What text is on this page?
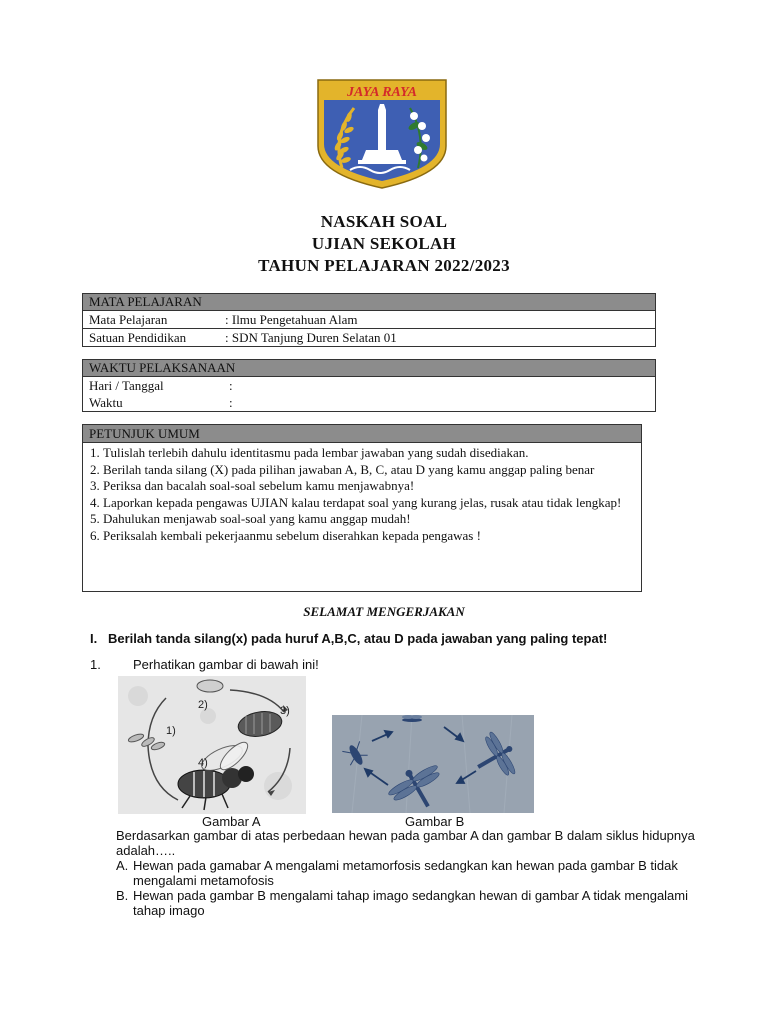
JAYA RAYA
NASKAH SOAL
UJIAN SEKOLAH
TAHUN PELAJARAN 2022/2023
MATA PELAJARAN
Mata Pelajaran	: Ilmu Pengetahuan Alam
Satuan Pendidikan	: SDN Tanjung Duren Selatan 01
WAKTU PELAKSANAAN
Hari / Tanggal	:
Waktu	:
PETUNJUK UMUM
1. Tulislah terlebih dahulu identitasmu pada lembar jawaban yang sudah disediakan.
2. Berilah tanda silang (X) pada pilihan jawaban A, B, C, atau D yang kamu anggap paling benar
3. Periksa dan bacalah soal-soal sebelum kamu menjawabnya!
4. Laporkan kepada pengawas UJIAN kalau terdapat soal yang kurang jelas, rusak atau tidak lengkap!
5. Dahulukan menjawab soal-soal yang kamu anggap mudah!
6. Periksalah kembali pekerjaanmu sebelum diserahkan kepada pengawas !
SELAMAT MENGERJAKAN
I. Berilah tanda silang(x) pada huruf A,B,C, atau D pada jawaban yang paling tepat!
1. Perhatikan gambar di bawah ini!
1)
2)	3)
4)
Gambar A	Gambar B
Berdasarkan gambar di atas perbedaan hewan pada gambar A dan gambar B dalam siklus hidupnya adalah…..
A. Hewan pada gamabar A mengalami metamorfosis sedangkan kan hewan pada gambar B tidak mengalami metamofosis
B. Hewan pada gambar B mengalami tahap imago sedangkan hewan di gambar A tidak mengalami tahap imago
